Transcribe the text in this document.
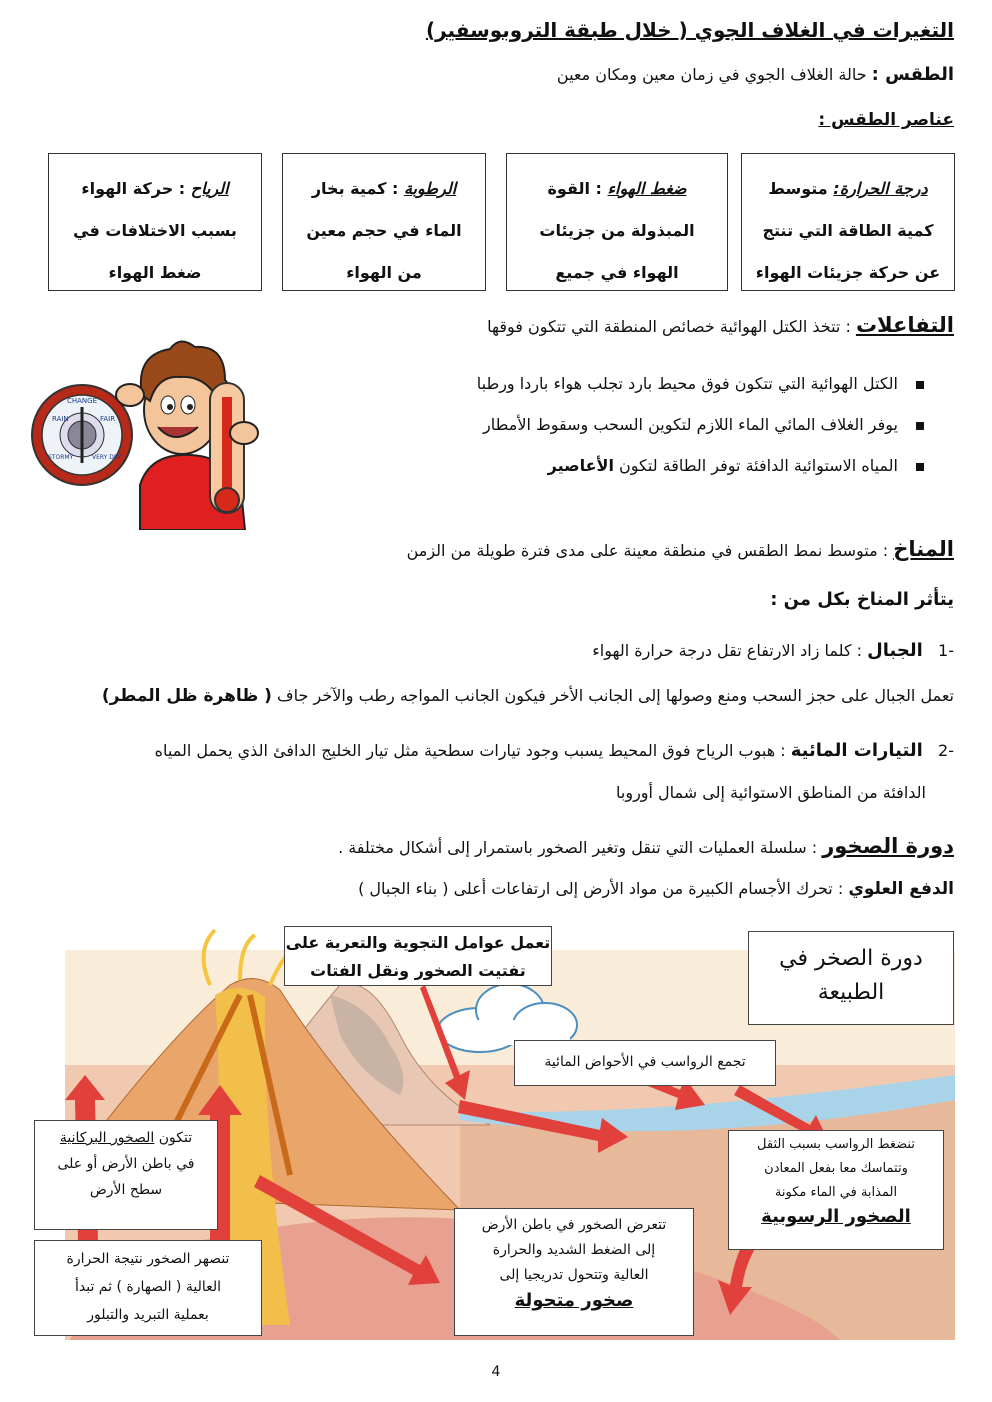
التغيرات في الغلاف الجوي ( خلال طبقة التروبوسفير)
الطقس : حالة الغلاف الجوي في زمان معين ومكان معين
عناصر الطقس :
درجة الحرارة: متوسط كمية الطاقة التي تنتج عن حركة جزيئات الهواء
ضغط الهواء : القوة المبذولة من جزيئات الهواء في جميع
الرطوبة : كمية بخار الماء في حجم معين من الهواء
الرياح : حركة الهواء بسبب الاختلافات في ضغط الهواء
التفاعلات : تتخذ الكتل الهوائية خصائص المنطقة التي تتكون فوقها
الكتل الهوائية التي تتكون فوق محيط بارد تجلب هواء باردا ورطبا
يوفر الغلاف المائي الماء اللازم لتكوين السحب وسقوط الأمطار
المياه الاستوائية الدافئة توفر الطاقة لتكون الأعاصير
CHANGE
RAIN	FAIR
STORMY	VERY DRY
المناخ : متوسط نمط الطقس في منطقة معينة على مدى فترة طويلة من الزمن
يتأثر المناخ بكل من :
-1   الجبال : كلما زاد الارتفاع تقل درجة حرارة الهواء
تعمل الجبال على حجز السحب ومنع وصولها إلى الجانب الأخر فيكون الجانب المواجه رطب والآخر جاف ( ظاهرة ظل المطر)
-2   التيارات المائية : هبوب الرياح فوق المحيط يسبب وجود تيارات سطحية مثل تيار الخليج الدافئ الذي يحمل المياه
الدافئة من المناطق الاستوائية إلى شمال أوروبا
دورة الصخور : سلسلة العمليات التي تنقل وتغير الصخور باستمرار إلى أشكال مختلفة .
الدفع العلوي : تحرك الأجسام الكبيرة من مواد الأرض إلى ارتفاعات أعلى ( بناء الجبال )
دورة الصخر في
الطبيعة
تعمل عوامل التجوية والتعرية على
تفتيت الصخور ونقل الفتات
تجمع الرواسب في الأحواض المائية
تنضغط الرواسب بسبب الثقل
وتتماسك معا بفعل المعادن
المذابة في الماء مكونة
الصخور الرسوبية
تتكون الصخور البركانية
في باطن الأرض أو على
سطح الأرض
تتعرض الصخور في باطن الأرض
إلى الضغط الشديد والحرارة
العالية وتتحول تدريجيا إلى
صخور متحولة
تنصهر الصخور نتيجة الحرارة
العالية ( الصهارة ) ثم تبدأ
بعملية التبريد والتبلور
4
